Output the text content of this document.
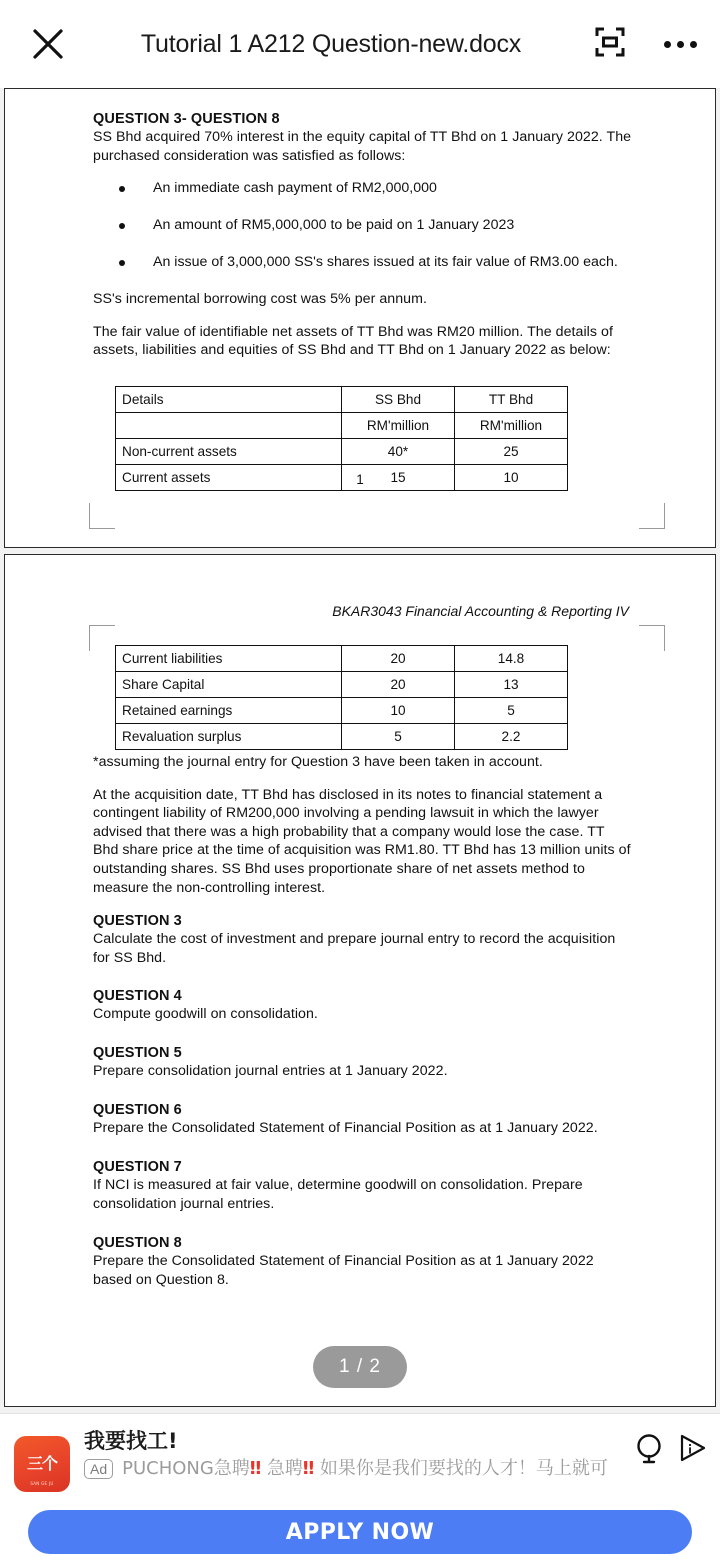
Tutorial 1 A212 Question-new.docx
QUESTION 3- QUESTION 8

SS Bhd acquired 70% interest in the equity capital of TT Bhd on 1 January 2022. The purchased consideration was satisfied as follows:

An immediate cash payment of RM2,000,000
An amount of RM5,000,000 to be paid on 1 January 2023
An issue of 3,000,000 SS's shares issued at its fair value of RM3.00 each.

SS's incremental borrowing cost was 5% per annum.

The fair value of identifiable net assets of TT Bhd was RM20 million. The details of assets, liabilities and equities of SS Bhd and TT Bhd on 1 January 2022 as below:

Details	SS Bhd	TT Bhd
	RM'million	RM'million
Non-current assets	40*	25
Current assets	15	10
1
BKAR3043 Financial Accounting & Reporting IV
Current liabilities	20	14.8
Share Capital	20	13
Retained earnings	10	5
Revaluation surplus	5	2.2

*assuming the journal entry for Question 3 have been taken in account.

At the acquisition date, TT Bhd has disclosed in its notes to financial statement a contingent liability of RM200,000 involving a pending lawsuit in which the lawyer advised that there was a high probability that a company would lose the case. TT Bhd share price at the time of acquisition was RM1.80. TT Bhd has 13 million units of outstanding shares. SS Bhd uses proportionate share of net assets method to measure the non-controlling interest.

QUESTION 3

Calculate the cost of investment and prepare journal entry to record the acquisition for SS Bhd.

QUESTION 4

Compute goodwill on consolidation.

QUESTION 5

Prepare consolidation journal entries at 1 January 2022.

QUESTION 6

Prepare the Consolidated Statement of Financial Position as at 1 January 2022.

QUESTION 7

If NCI is measured at fair value, determine goodwill on consolidation. Prepare consolidation journal entries.

QUESTION 8

Prepare the Consolidated Statement of Financial Position as at 1 January 2022 based on Question 8.

1 / 2
三个
SAN GE JU
我要找工!
Ad PUCHONG急聘‼ 急聘‼ 如果你是我们要找的人才！马上就可
APPLY NOW
